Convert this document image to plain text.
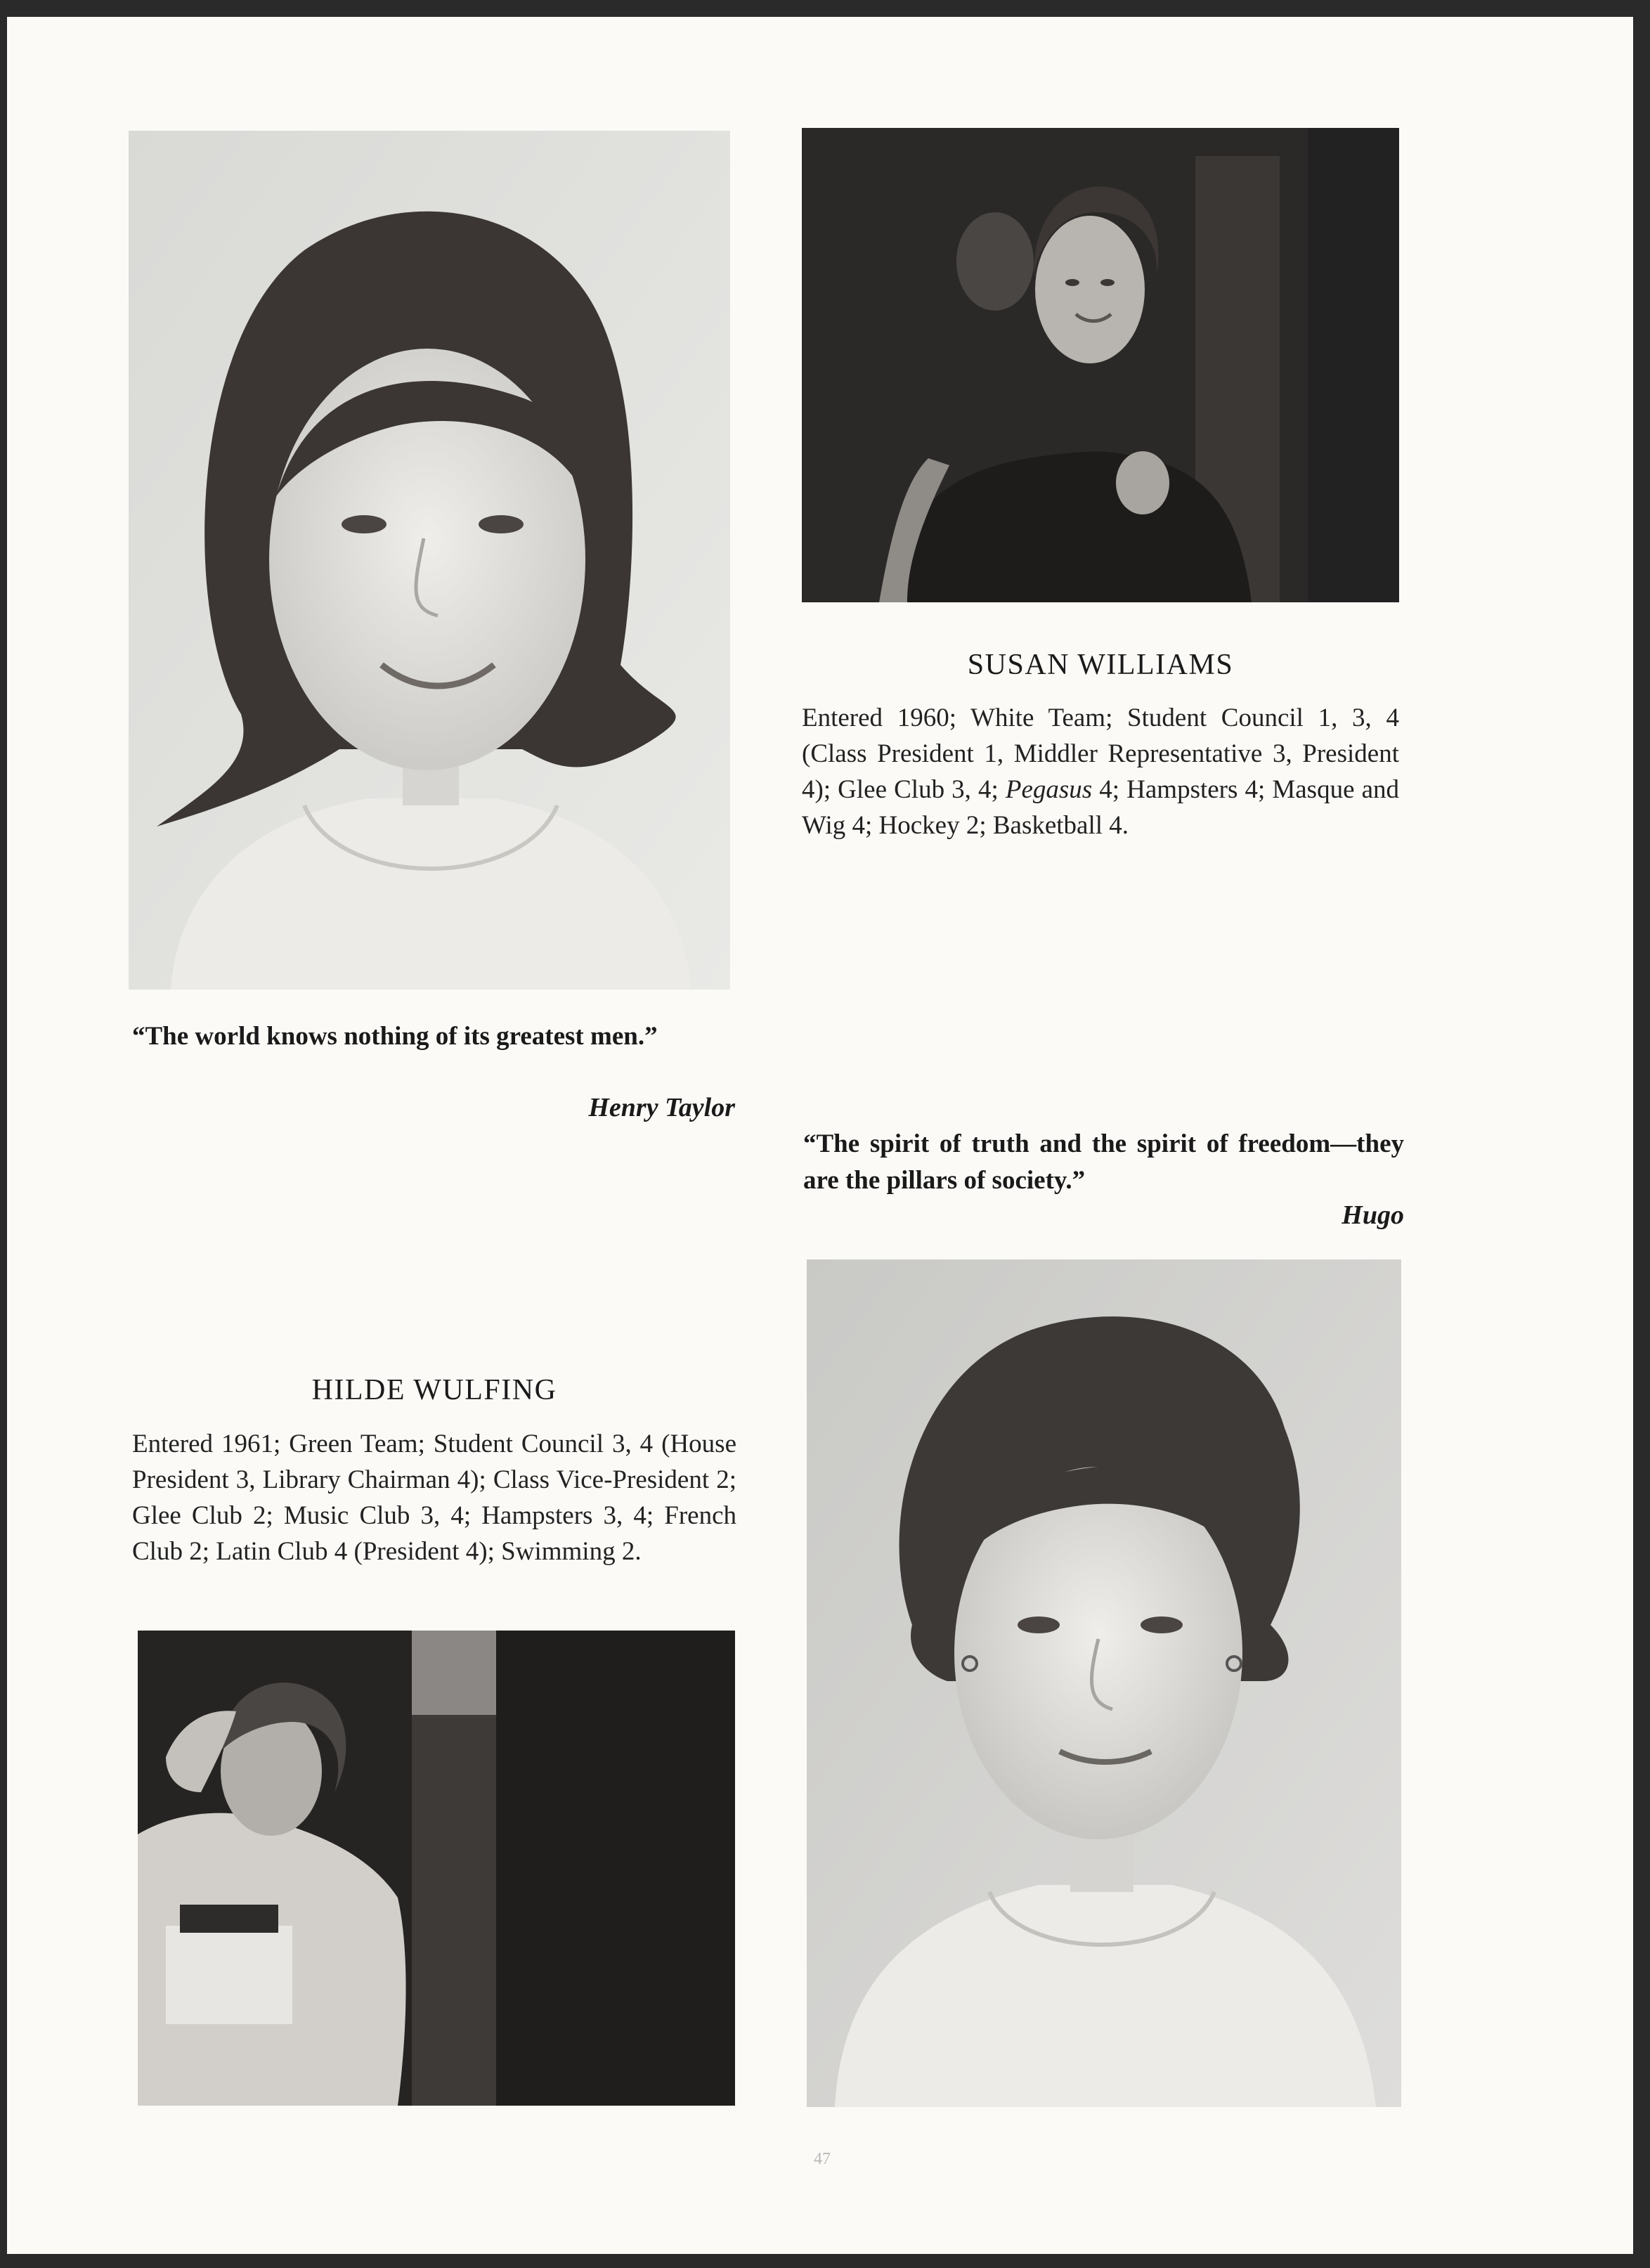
SUSAN WILLIAMS
Entered 1960; White Team; Student Council 1, 3, 4 (Class President 1, Middler Representative 3, President 4); Glee Club 3, 4; Pegasus 4; Hampsters 4; Masque and Wig 4; Hockey 2; Basketball 4.
“The world knows nothing of its greatest men.”
Henry Taylor
“The spirit of truth and the spirit of freedom—they are the pillars of society.”
Hugo
HILDE WULFING
Entered 1961; Green Team; Student Council 3, 4 (House President 3, Library Chairman 4); Class Vice-President 2; Glee Club 2; Music Club 3, 4; Hampsters 3, 4; French Club 2; Latin Club 4 (President 4); Swimming 2.
47
